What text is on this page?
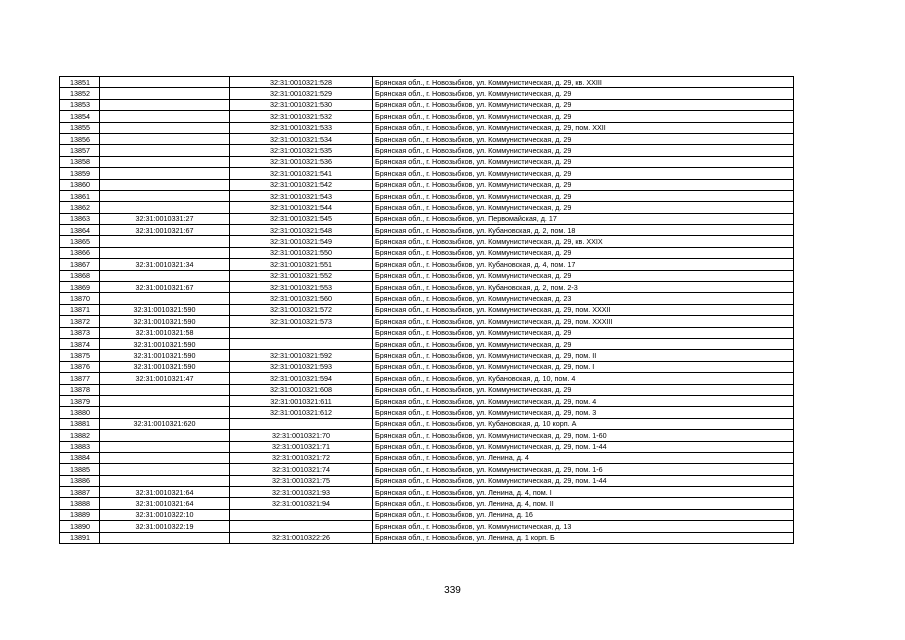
13851		32:31:0010321:528	Брянская обл., г. Новозыбков, ул. Коммунистическая, д. 29, кв. XXIII
13852		32:31:0010321:529	Брянская обл., г. Новозыбков, ул. Коммунистическая, д. 29
13853		32:31:0010321:530	Брянская обл., г. Новозыбков, ул. Коммунистическая, д. 29
13854		32:31:0010321:532	Брянская обл., г. Новозыбков, ул. Коммунистическая, д. 29
13855		32:31:0010321:533	Брянская обл., г. Новозыбков, ул. Коммунистическая, д. 29, пом. XXII
13856		32:31:0010321:534	Брянская обл., г. Новозыбков, ул. Коммунистическая, д. 29
13857		32:31:0010321:535	Брянская обл., г. Новозыбков, ул. Коммунистическая, д. 29
13858		32:31:0010321:536	Брянская обл., г. Новозыбков, ул. Коммунистическая, д. 29
13859		32:31:0010321:541	Брянская обл., г. Новозыбков, ул. Коммунистическая, д. 29
13860		32:31:0010321:542	Брянская обл., г. Новозыбков, ул. Коммунистическая, д. 29
13861		32:31:0010321:543	Брянская обл., г. Новозыбков, ул. Коммунистическая, д. 29
13862		32:31:0010321:544	Брянская обл., г. Новозыбков, ул. Коммунистическая, д. 29
13863	32:31:0010331:27	32:31:0010321:545	Брянская обл., г. Новозыбков, ул. Первомайская, д. 17
13864	32:31:0010321:67	32:31:0010321:548	Брянская обл., г. Новозыбков, ул. Кубановская, д. 2, пом. 18
13865		32:31:0010321:549	Брянская обл., г. Новозыбков, ул. Коммунистическая, д. 29, кв. XXIX
13866		32:31:0010321:550	Брянская обл., г. Новозыбков, ул. Коммунистическая, д. 29
13867	32:31:0010321:34	32:31:0010321:551	Брянская обл., г. Новозыбков, ул. Кубановская, д. 4, пом. 17
13868		32:31:0010321:552	Брянская обл., г. Новозыбков, ул. Коммунистическая, д. 29
13869	32:31:0010321:67	32:31:0010321:553	Брянская обл., г. Новозыбков, ул. Кубановская, д. 2, пом. 2-3
13870		32:31:0010321:560	Брянская обл., г. Новозыбков, ул. Коммунистическая, д. 23
13871	32:31:0010321:590	32:31:0010321:572	Брянская обл., г. Новозыбков, ул. Коммунистическая, д. 29, пом. XXXII
13872	32:31:0010321:590	32:31:0010321:573	Брянская обл., г. Новозыбков, ул. Коммунистическая, д. 29, пом. XXXIII
13873	32:31:0010321:58		Брянская обл., г. Новозыбков, ул. Коммунистическая, д. 29
13874	32:31:0010321:590		Брянская обл., г. Новозыбков, ул. Коммунистическая, д. 29
13875	32:31:0010321:590	32:31:0010321:592	Брянская обл., г. Новозыбков, ул. Коммунистическая, д. 29, пом. II
13876	32:31:0010321:590	32:31:0010321:593	Брянская обл., г. Новозыбков, ул. Коммунистическая, д. 29, пом. I
13877	32:31:0010321:47	32:31:0010321:594	Брянская обл., г. Новозыбков, ул. Кубановская, д. 10, пом. 4
13878		32:31:0010321:608	Брянская обл., г. Новозыбков, ул. Коммунистическая, д. 29
13879		32:31:0010321:611	Брянская обл., г. Новозыбков, ул. Коммунистическая, д. 29, пом. 4
13880		32:31:0010321:612	Брянская обл., г. Новозыбков, ул. Коммунистическая, д. 29, пом. 3
13881	32:31:0010321:620		Брянская обл., г. Новозыбков, ул. Кубановская, д. 10 корп. А
13882		32:31:0010321:70	Брянская обл., г. Новозыбков, ул. Коммунистическая, д. 29, пом. 1-60
13883		32:31:0010321:71	Брянская обл., г. Новозыбков, ул. Коммунистическая, д. 29, пом. 1-44
13884		32:31:0010321:72	Брянская обл., г. Новозыбков, ул. Ленина, д. 4
13885		32:31:0010321:74	Брянская обл., г. Новозыбков, ул. Коммунистическая, д. 29, пом. 1-6
13886		32:31:0010321:75	Брянская обл., г. Новозыбков, ул. Коммунистическая, д. 29, пом. 1-44
13887	32:31:0010321:64	32:31:0010321:93	Брянская обл., г. Новозыбков, ул. Ленина, д. 4, пом. I
13888	32:31:0010321:64	32:31:0010321:94	Брянская обл., г. Новозыбков, ул. Ленина, д. 4, пом. II
13889	32:31:0010322:10		Брянская обл., г. Новозыбков, ул. Ленина, д. 16
13890	32:31:0010322:19		Брянская обл., г. Новозыбков, ул. Коммунистическая, д. 13
13891		32:31:0010322:26	Брянская обл., г. Новозыбков, ул. Ленина, д. 1 корп. Б
339
